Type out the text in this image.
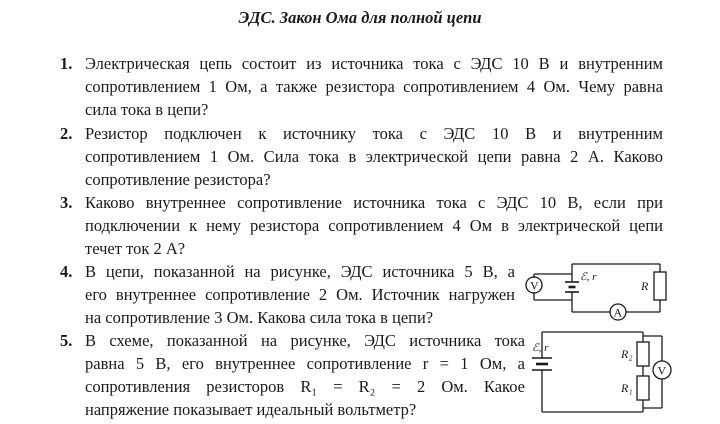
ЭДС. Закон Ома для полной цепи
1. Электрическая цепь состоит из источника тока с ЭДС 10 В и внутренним
сопротивлением 1 Ом, а также резистора сопротивлением 4 Ом. Чему равна
сила тока в цепи?
2. Резистор подключен к источнику тока с ЭДС 10 В и внутренним
сопротивлением 1 Ом. Сила тока в электрической цепи равна 2 А. Каково
сопротивление резистора?
3. Каково внутреннее сопротивление источника тока с ЭДС 10 В, если при
подключении к нему резистора сопротивлением 4 Ом в электрической цепи
течет ток 2 А?
4. В цепи, показанной на рисунке, ЭДС источника 5 В, а
его внутреннее сопротивление 2 Ом. Источник нагружен
на сопротивление 3 Ом. Какова сила тока в цепи?
5. В схеме, показанной на рисунке, ЭДС источника тока
равна 5 В, его внутреннее сопротивление r = 1 Ом, а
сопротивления резисторов R₁ = R₂ = 2 Ом. Какое
напряжение показывает идеальный вольтметр?
V
A
ℰ, r
R
V
ℰ, r	R₂
R₁
